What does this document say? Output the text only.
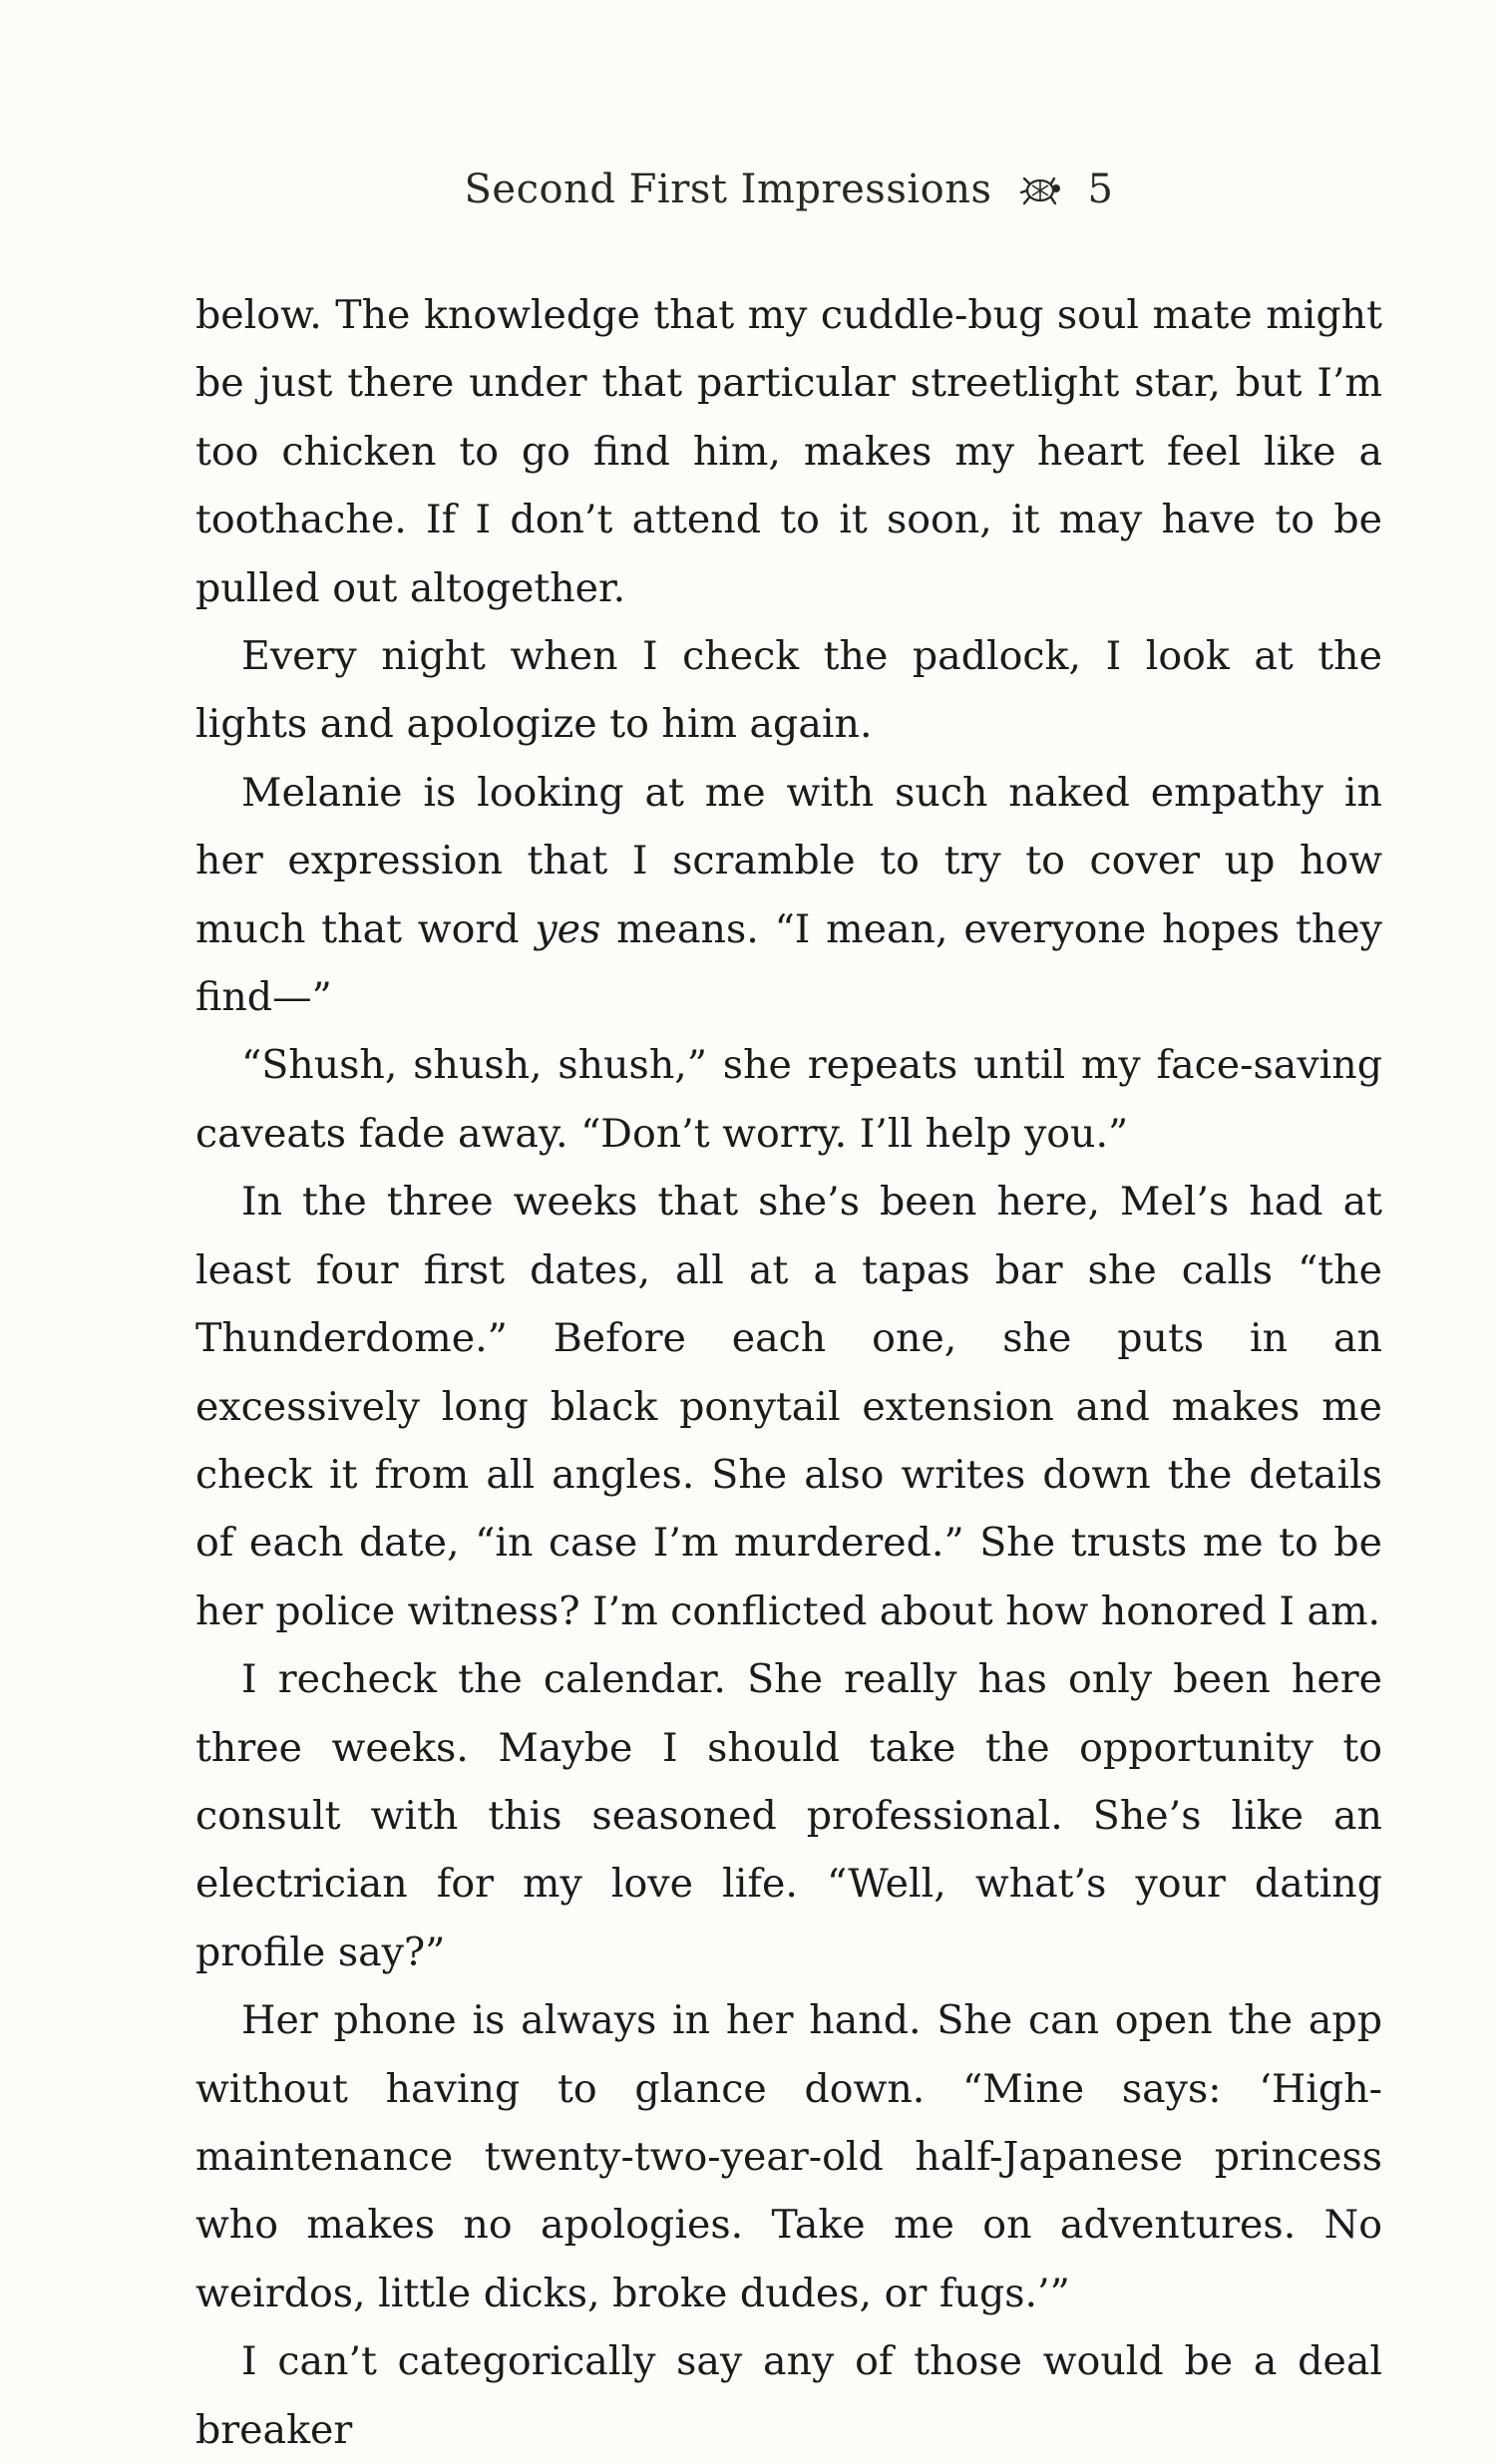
Second First Impressions 5

below. The knowledge that my cuddle-bug soul mate might be just there under that particular streetlight star, but I’m too chicken to go find him, makes my heart feel like a toothache. If I don’t attend to it soon, it may have to be pulled out altogether.

Every night when I check the padlock, I look at the lights and apologize to him again.

Melanie is looking at me with such naked empathy in her expression that I scramble to try to cover up how much that word yes means. “I mean, everyone hopes they find—”

“Shush, shush, shush,” she repeats until my face-saving caveats fade away. “Don’t worry. I’ll help you.”

In the three weeks that she’s been here, Mel’s had at least four first dates, all at a tapas bar she calls “the Thunderdome.” Before each one, she puts in an excessively long black ponytail extension and makes me check it from all angles. She also writes down the details of each date, “in case I’m murdered.” She trusts me to be her police witness? I’m conflicted about how honored I am.

I recheck the calendar. She really has only been here three weeks. Maybe I should take the opportunity to consult with this seasoned professional. She’s like an electrician for my love life. “Well, what’s your dating profile say?”

Her phone is always in her hand. She can open the app without having to glance down. “Mine says: ‘High-maintenance twenty-two-year-old half-Japanese princess who makes no apologies. Take me on adventures. No weirdos, little dicks, broke dudes, or fugs.’”

I can’t categorically say any of those would be a deal breaker
